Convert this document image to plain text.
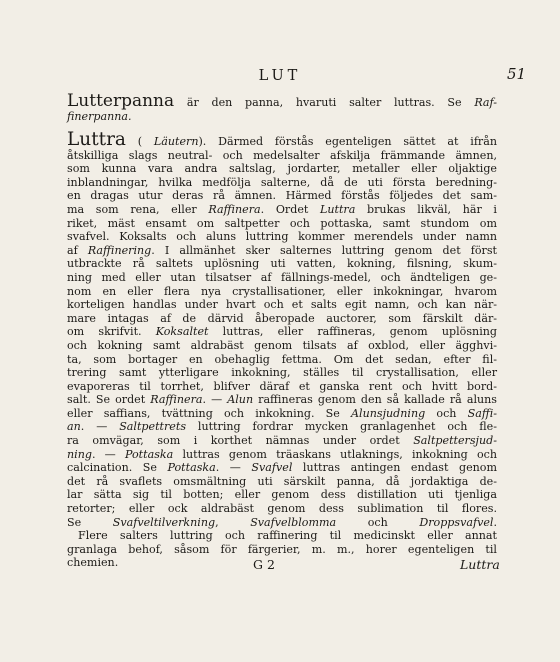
LUT	51
Lutterpanna är den panna, hvaruti salter luttras. Se Raf-
finerpanna.
Luttra ( Läutern). Därmed förstås egenteligen sättet at ifrån
åtskilliga slags neutral- och medelsalter afskilja främmande ämnen,
som kunna vara andra saltslag, jordarter, metaller eller oljaktige
inblandningar, hvilka medfölja salterne, då de uti första beredning-
en dragas utur deras rå ämnen. Härmed förstås följedes det sam-
ma som rena, eller Raffinera. Ordet Luttra brukas likväl, här i
riket, mäst ensamt om saltpetter och pottaska, samt stundom om
svafvel. Koksalts och aluns luttring kommer merendels under namn
af Raffinering. I allmänhet sker salternes luttring genom det först
utbrackte rå saltets uplösning uti vatten, kokning, filsning, skum-
ning med eller utan tilsatser af fällnings-medel, och ändteligen ge-
nom en eller flera nya crystallisationer, eller inkokningar, hvarom
korteligen handlas under hvart och et salts egit namn, och kan när-
mare intagas af de därvid åberopade auctorer, som färskilt där-
om skrifvit. Koksaltet luttras, eller raffineras, genom uplösning
och kokning samt aldrabäst genom tilsats af oxblod, eller ägghvi-
ta, som bortager en obehaglig fettma. Om det sedan, efter fil-
trering samt ytterligare inkokning, ställes til crystallisation, eller
evaporeras til torrhet, blifver däraf et ganska rent och hvitt bord-
salt. Se ordet Raffinera. — Alun raffineras genom den så kallade rå aluns
eller saffians, tvättning och inkokning. Se Alunsjudning och Saffi-
an. — Saltpettrets luttring fordrar mycken granlagenhet och fle-
ra omvägar, som i korthet nämnas under ordet Saltpettersjud-
ning. — Pottaska luttras genom träaskans utlaknings, inkokning och
calcination. Se Pottaska. — Svafvel luttras antingen endast genom
det rå svaflets omsmältning uti särskilt panna, då jordaktiga de-
lar sätta sig til botten; eller genom dess distillation uti tjenliga
retorter; eller ock aldrabäst genom dess sublimation til flores.
Se Svafveltilverkning, Svafvelblomma och Droppsvafvel.
Flere salters luttring och raffinering til medicinskt eller annat
granlaga behof, såsom för färgerier, m. m., horer egenteligen til
chemien.	G 2	Luttra
